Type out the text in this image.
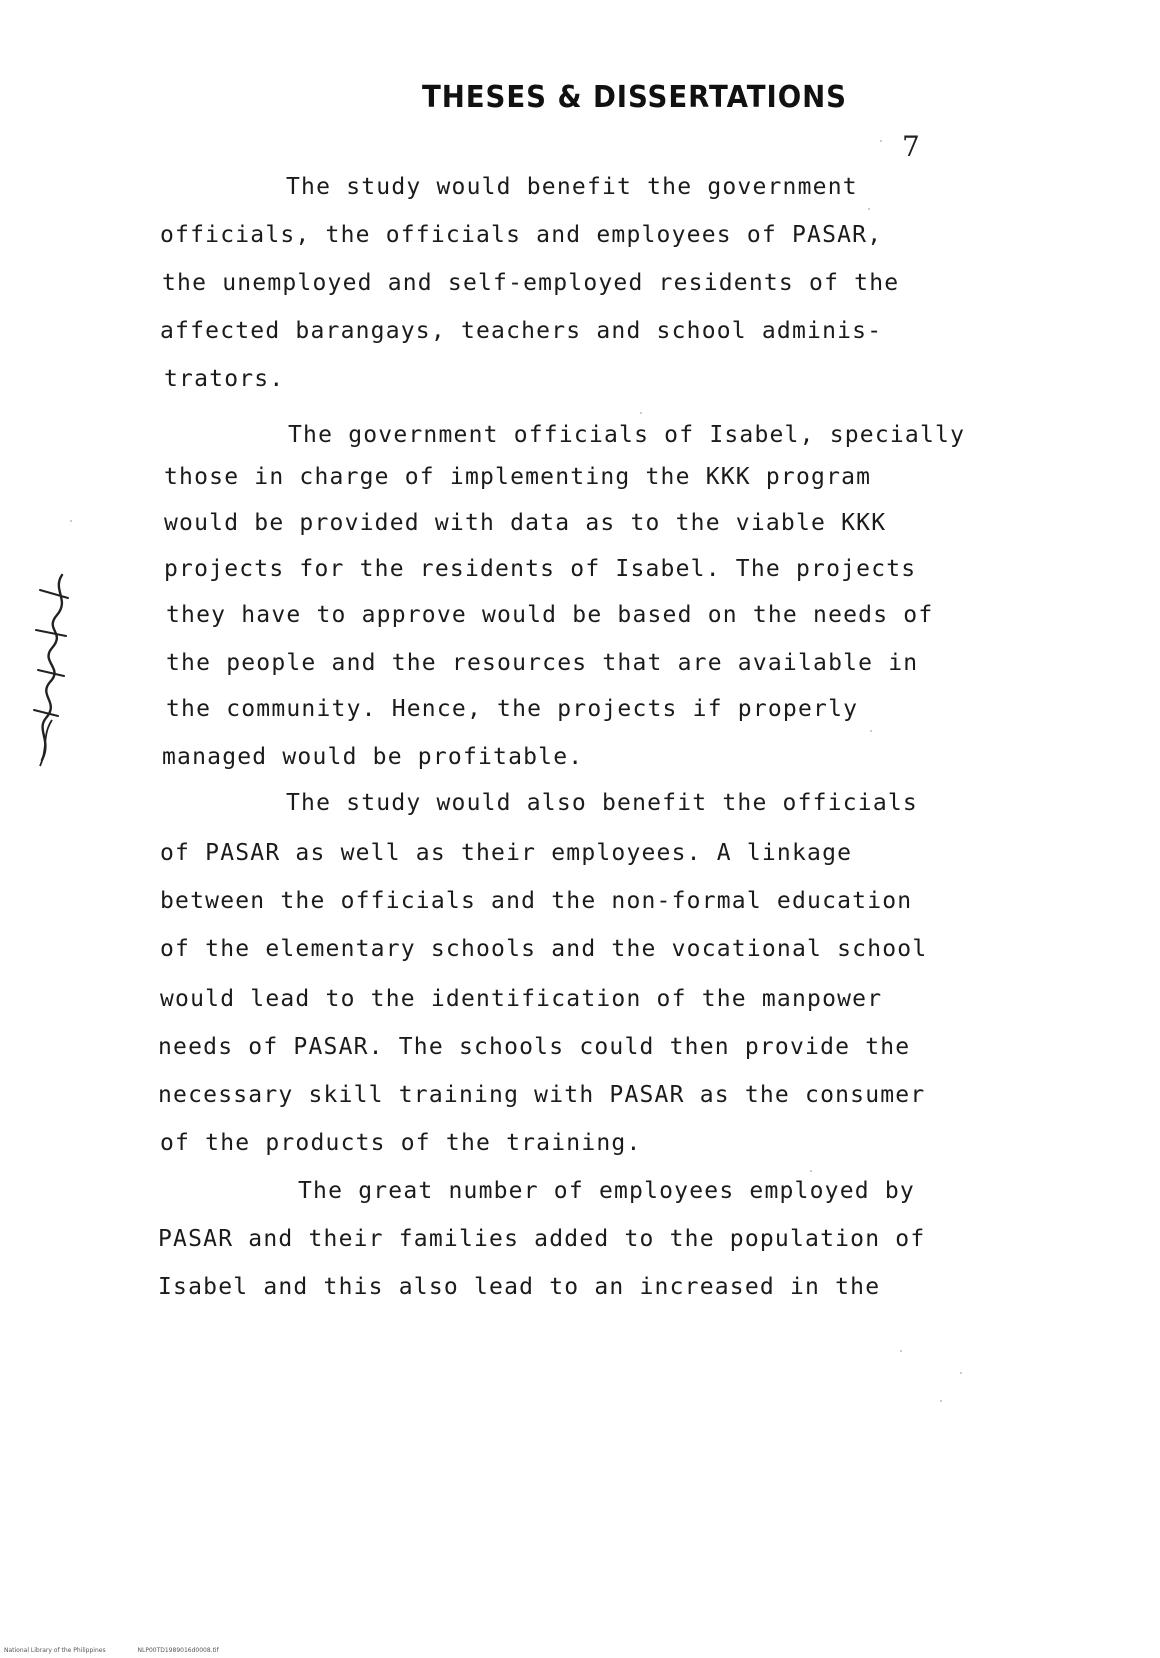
THESES & DISSERTATIONS
7
The study would benefit the government
officials, the officials and employees of PASAR,
the unemployed and self-employed residents of the
affected barangays, teachers and school adminis-
trators.
The government officials of Isabel, specially
those in charge of implementing the KKK program
would be provided with data as to the viable KKK
projects for the residents of Isabel. The projects
they have to approve would be based on the needs of
the people and the resources that are available in
the community. Hence, the projects if properly
managed would be profitable.
The study would also benefit the officials
of PASAR as well as their employees. A linkage
between the officials and the non-formal education
of the elementary schools and the vocational school
would lead to the identification of the manpower
needs of PASAR. The schools could then provide the
necessary skill training with PASAR as the consumer
of the products of the training.
The great number of employees employed by
PASAR and their families added to the population of
Isabel and this also lead to an increased in the
National Library of the Philippines	NLP00TD1989016d0008.tif
